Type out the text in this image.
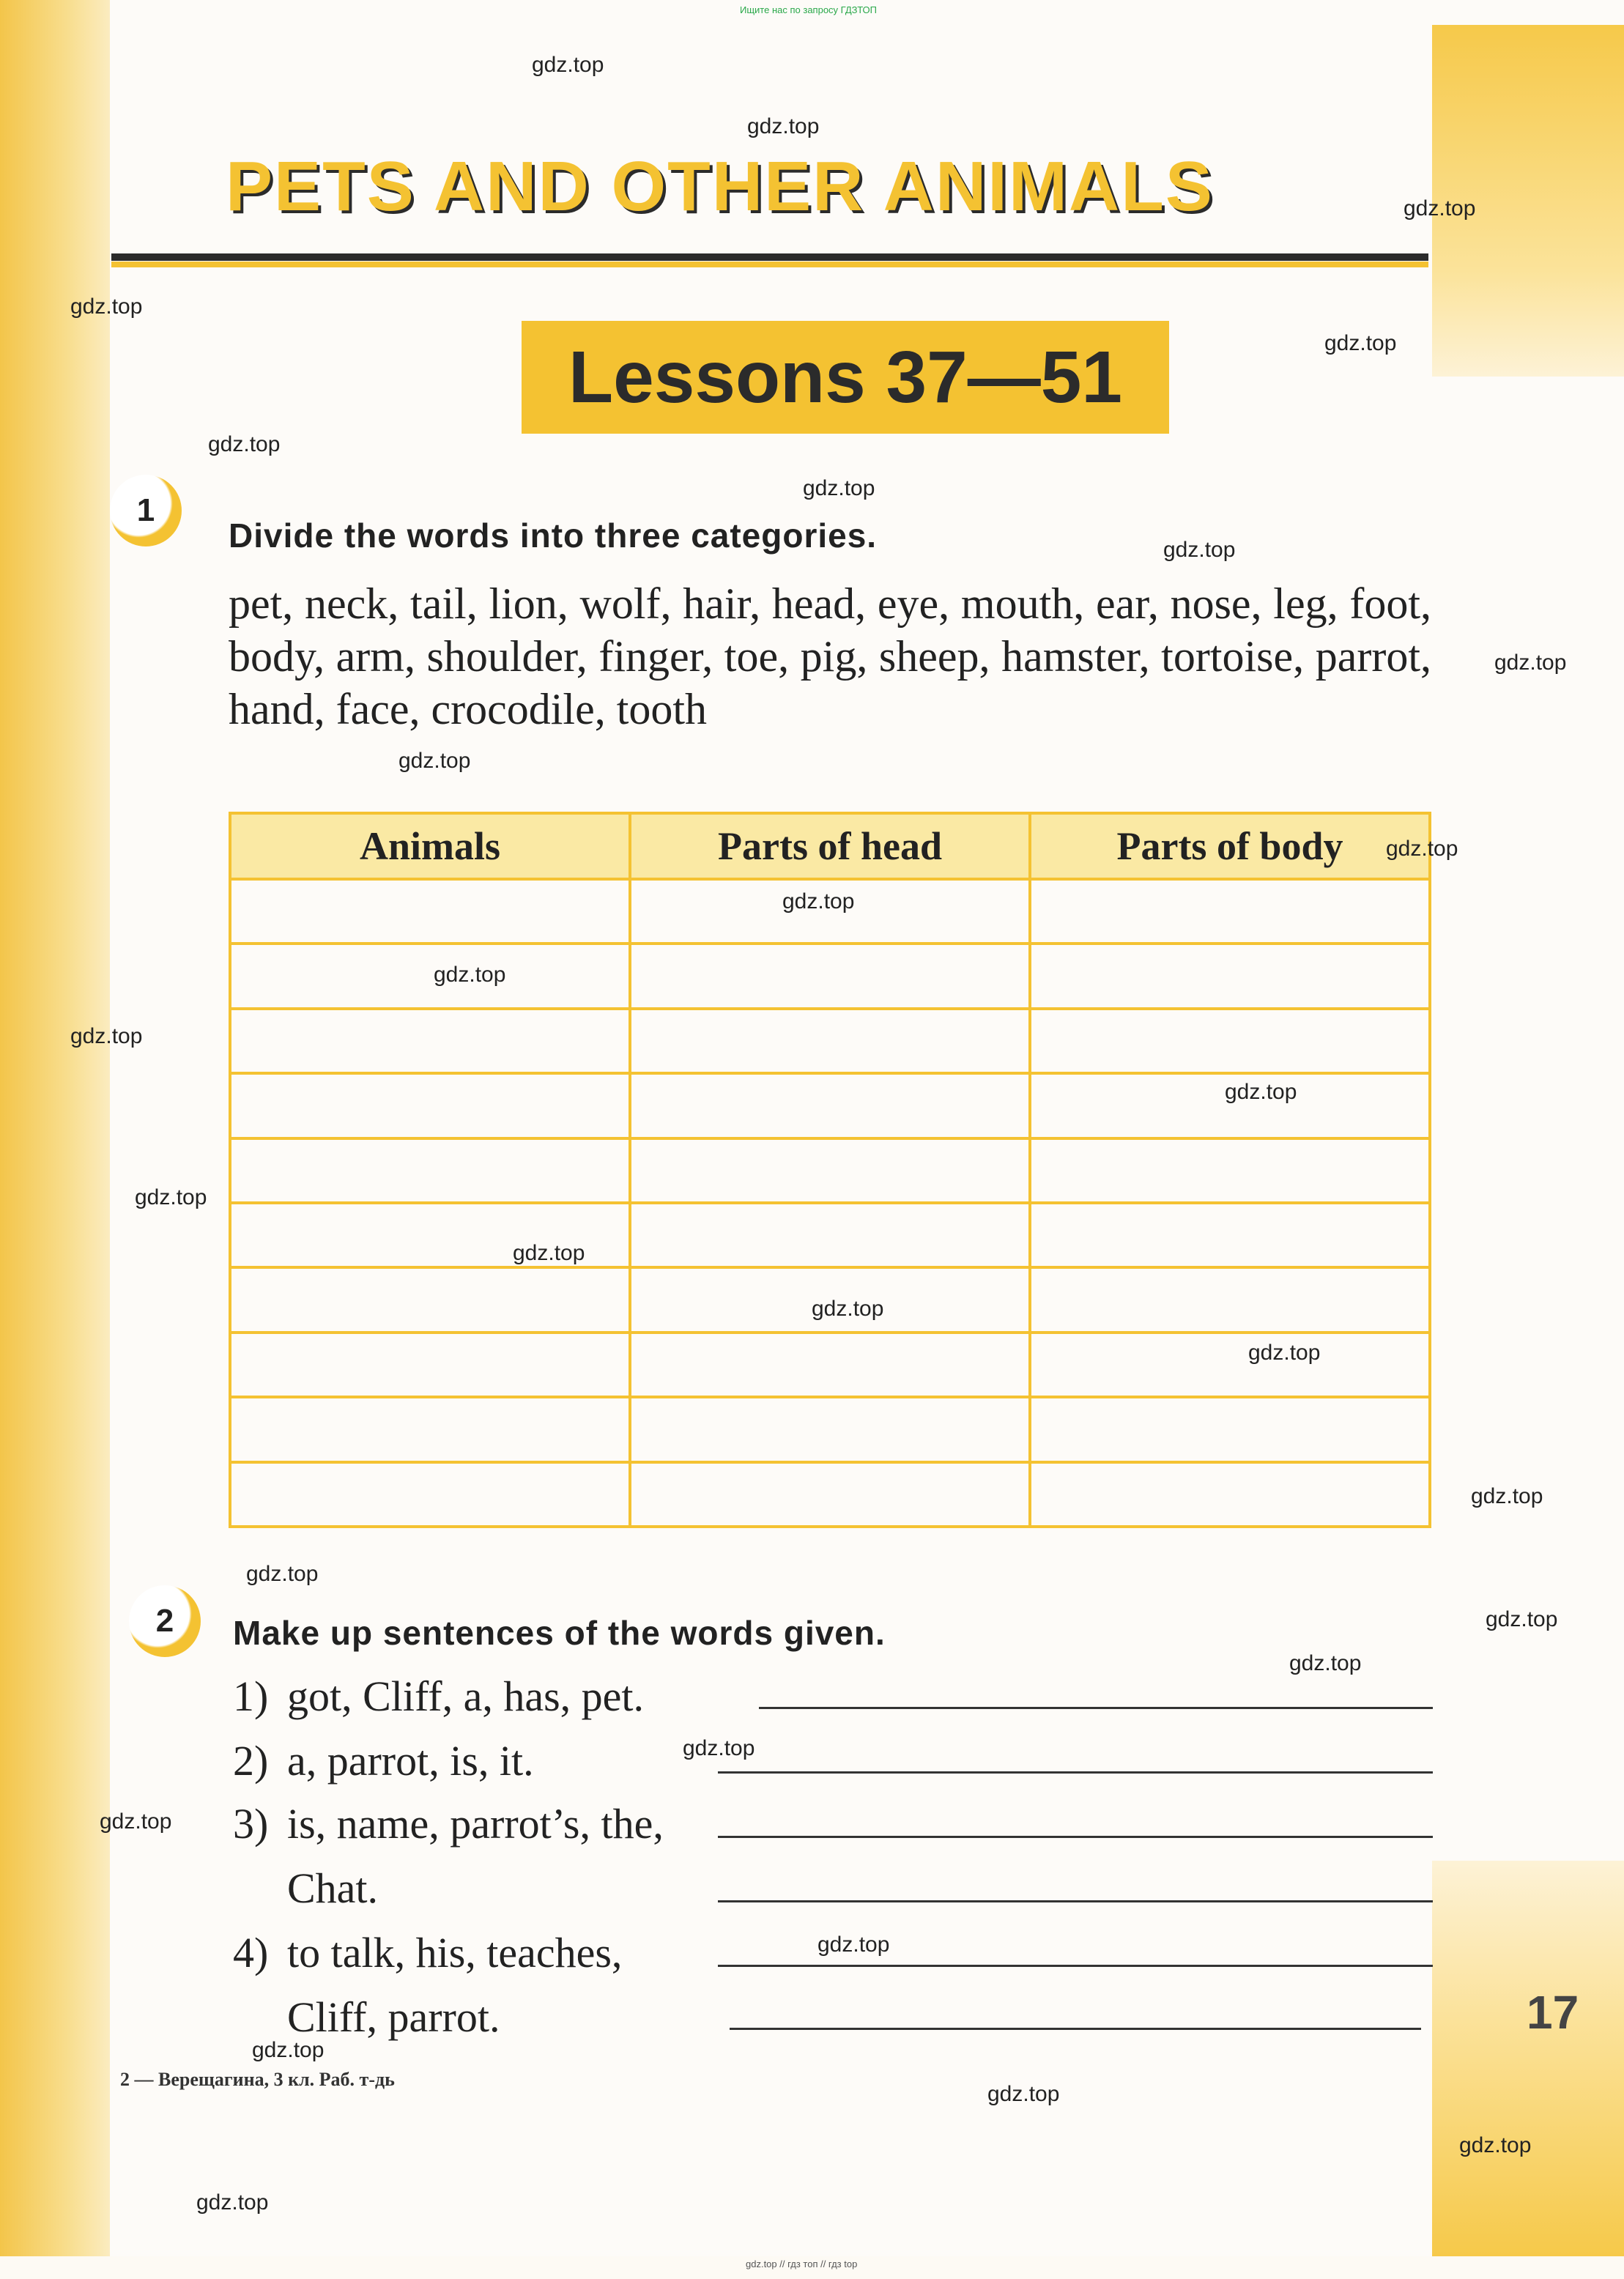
Ищите нас по запросу ГДЗТОП
gdz.top // гдз топ // гдз top
PETS AND OTHER ANIMALS
Lessons 37—51
1
Divide the words into three categories.
pet, neck, tail, lion, wolf, hair, head, eye, mouth, ear, nose, leg, foot, body, arm, shoulder, finger, toe, pig, sheep, hamster, tortoise, parrot, hand, face, crocodile, tooth
Animals	Parts of head	Parts of body

2	Make up sentences of the words given.
1) got, Cliff, a, has, pet.
2) a, parrot, is, it.
3) is, name, parrot’s, the,
Chat.
4) to talk, his, teaches,
Cliff, parrot.	17
2 — Верещагина, 3 кл. Раб. т-дь
gdz.top
gdz.top
gdz.top
gdz.top
gdz.top
gdz.top
gdz.top
gdz.top
gdz.top
gdz.top
gdz.top
gdz.top
gdz.top
gdz.top
gdz.top
gdz.top
gdz.top
gdz.top
gdz.top
gdz.top
gdz.top
gdz.top
gdz.top
gdz.top
gdz.top
gdz.top
gdz.top
gdz.top
gdz.top
gdz.top
